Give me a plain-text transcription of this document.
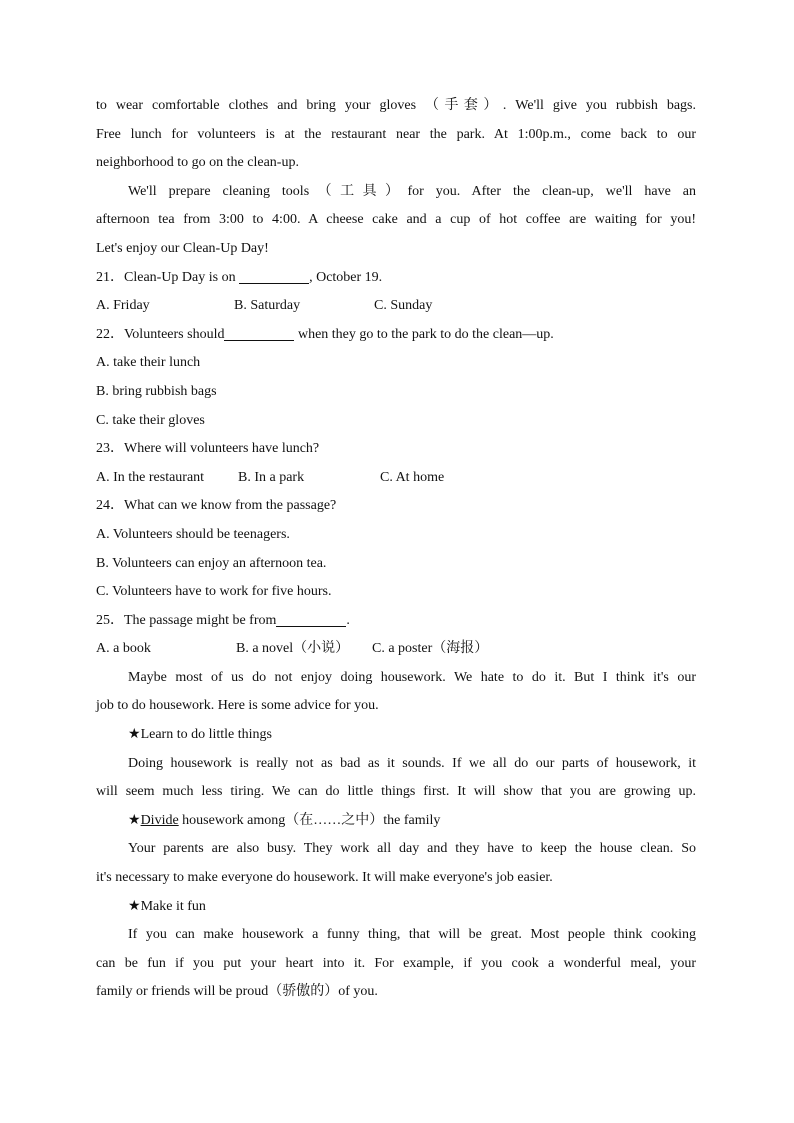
to wear comfortable clothes and bring your gloves （手套）. We'll give you rubbish bags.
Free lunch for volunteers is at the restaurant near the park. At 1:00p.m., come back to our
neighborhood to go on the clean-up.
We'll prepare cleaning tools（工具）for you. After the clean-up, we'll have an
afternoon tea from 3:00 to 4:00. A cheese cake and a cup of hot coffee are waiting for you!
Let's enjoy our Clean-Up Day!
21．Clean-Up Day is on	, October 19.
A. Friday	B. Saturday	C. Sunday
22．Volunteers should	when they go to the park to do the clean—up.
A. take their lunch
B. bring rubbish bags
C. take their gloves
23．Where will volunteers have lunch?
A. In the restaurant B. In a park	C. At home
24．What can we know from the passage?
A. Volunteers should be teenagers.
B. Volunteers can enjoy an afternoon tea.
C. Volunteers have to work for five hours.
25．The passage might be from	.
A. a book	B. a novel（小说） C. a poster（海报）
Maybe most of us do not enjoy doing housework. We hate to do it. But I think it's our
job to do housework. Here is some advice for you.
★Learn to do little things
Doing housework is really not as bad as it sounds. If we all do our parts of housework, it
will seem much less tiring. We can do little things first. It will show that you are growing up.
★Divide housework among（在……之中）the family
Your parents are also busy. They work all day and they have to keep the house clean. So
it's necessary to make everyone do housework. It will make everyone's job easier.
★Make it fun
If you can make housework a funny thing, that will be great. Most people think cooking
can be fun if you put your heart into it. For example, if you cook a wonderful meal, your
family or friends will be proud（骄傲的）of you.
